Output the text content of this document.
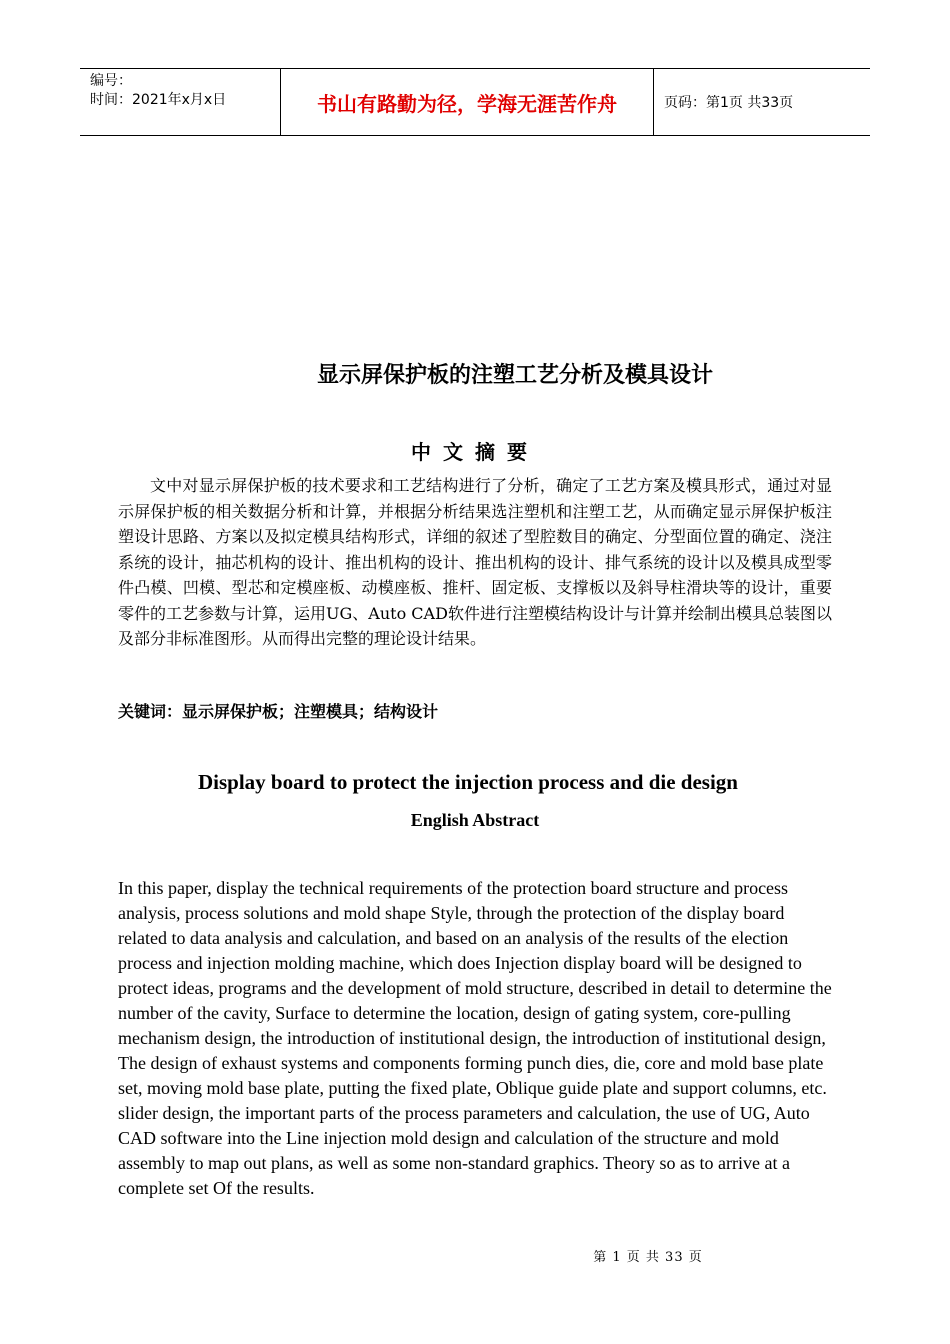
编号：
时间：2021年x月x日	书山有路勤为径，学海无涯苦作舟	页码：第1页 共33页
显示屏保护板的注塑工艺分析及模具设计
中文摘要

文中对显示屏保护板的技术要求和工艺结构进行了分析，确定了工艺方案及模具形式，通过对显示屏保护板的相关数据分析和计算，并根据分析结果选注塑机和注塑工艺，从而确定显示屏保护板注塑设计思路、方案以及拟定模具结构形式，详细的叙述了型腔数目的确定、分型面位置的确定、浇注系统的设计，抽芯机构的设计、推出机构的设计、推出机构的设计、排气系统的设计以及模具成型零件凸模、凹模、型芯和定模座板、动模座板、推杆、固定板、支撑板以及斜导柱滑块等的设计，重要零件的工艺参数与计算，运用UG、Auto CAD软件进行注塑模结构设计与计算并绘制出模具总装图以及部分非标准图形。从而得出完整的理论设计结果。

关键词：显示屏保护板；注塑模具；结构设计
Display board to protect the injection process and die design
English Abstract

In this paper, display the technical requirements of the protection board structure and process analysis, process solutions and mold shape Style, through the protection of the display board related to data analysis and calculation, and based on an analysis of the results of the election process and injection molding machine, which does Injection display board will be designed to protect ideas, programs and the development of mold structure, described in detail to determine the number of the cavity, Surface to determine the location, design of gating system, core-pulling mechanism design, the introduction of institutional design, the introduction of institutional design, The design of exhaust systems and components forming punch dies, die, core and mold base plate set, moving mold base plate, putting the fixed plate, Oblique guide plate and support columns, etc. slider design, the important parts of the process parameters and calculation, the use of UG, Auto CAD software into the Line injection mold design and calculation of the structure and mold assembly to map out plans, as well as some non-standard graphics. Theory so as to arrive at a complete set Of the results.

第 1 页 共 33 页
